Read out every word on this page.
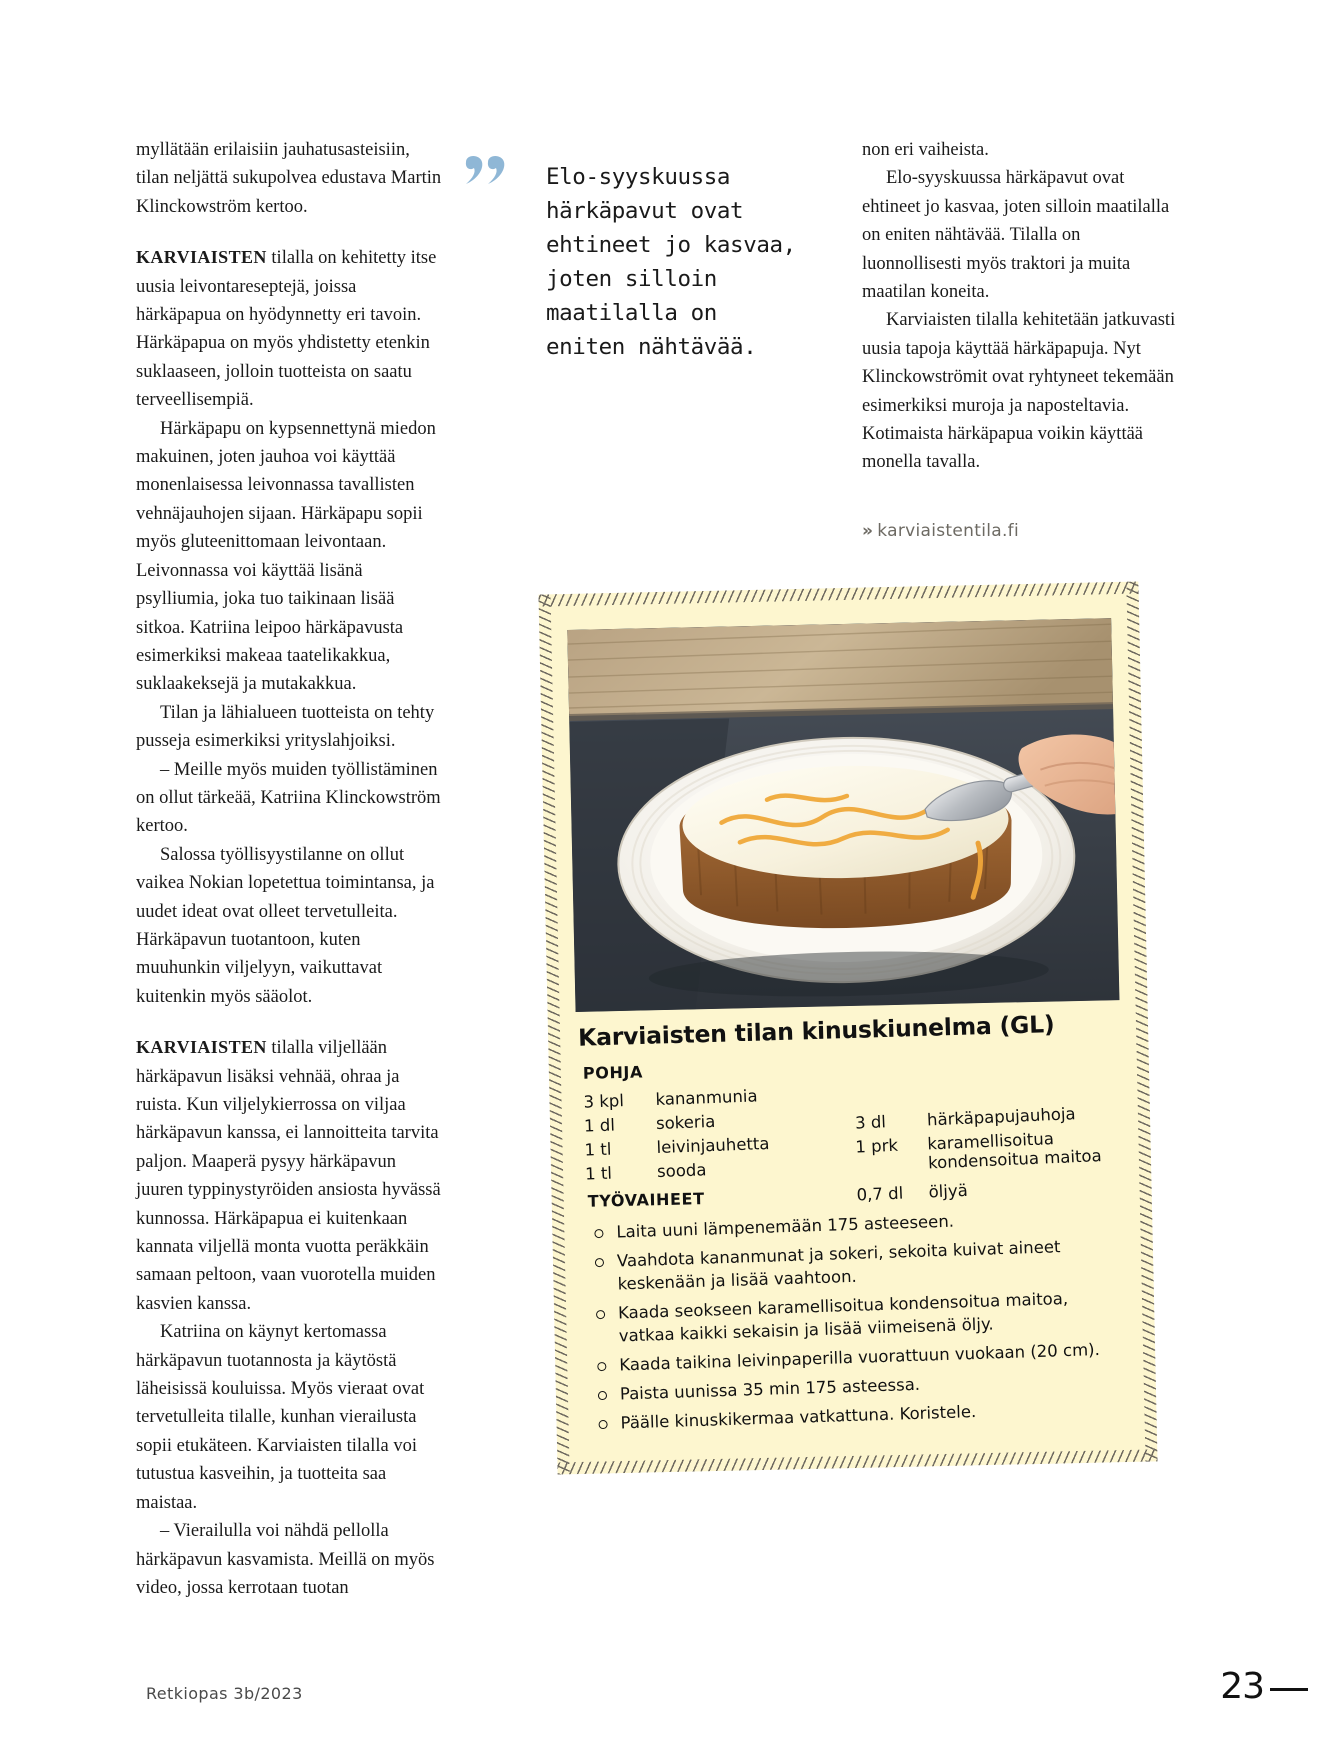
myllätään erilaisiin jauhatusasteisiin, tilan neljättä sukupolvea edustava Martin Klinckowström kertoo.

KARVIAISTEN tilalla on kehitetty itse uusia leivontareseptejä, joissa härkäpapua on hyödynnetty eri tavoin. Härkäpapua on myös yhdistetty etenkin suklaaseen, jolloin tuotteista on saatu terveellisempiä.

Härkäpapu on kypsennettynä miedon makuinen, joten jauhoa voi käyttää monenlaisessa leivonnassa tavallisten vehnäjauhojen sijaan. Härkäpapu sopii myös gluteenittomaan leivontaan. Leivonnassa voi käyttää lisänä psylliumia, joka tuo taikinaan lisää sitkoa. Katriina leipoo härkäpavusta esimerkiksi makeaa taatelikakkua, suklaakeksejä ja mutakakkua.

Tilan ja lähialueen tuotteista on tehty pusseja esimerkiksi yrityslahjoiksi.

– Meille myös muiden työllistäminen on ollut tärkeää, Katriina Klinckowström kertoo.

Salossa työllisyystilanne on ollut vaikea Nokian lopetettua toimintansa, ja uudet ideat ovat olleet tervetulleita. Härkäpavun tuotantoon, kuten muuhunkin viljelyyn, vaikuttavat kuitenkin myös sääolot.

KARVIAISTEN tilalla viljellään härkäpavun lisäksi vehnää, ohraa ja ruista. Kun viljelykierrossa on viljaa härkäpavun kanssa, ei lannoitteita tarvita paljon. Maaperä pysyy härkäpavun juuren typpinystyröiden ansiosta hyvässä kunnossa. Härkäpapua ei kuitenkaan kannata viljellä monta vuotta peräkkäin samaan peltoon, vaan vuorotella muiden kasvien kanssa.

Katriina on käynyt kertomassa härkäpavun tuotannosta ja käytöstä läheisissä kouluissa. Myös vieraat ovat tervetulleita tilalle, kunhan vierailusta sopii etukäteen. Karviaisten tilalla voi tutustua kasveihin, ja tuotteita saa maistaa.

– Vierailulla voi nähdä pellolla härkäpavun kasvamista. Meillä on myös video, jossa kerrotaan tuotan

Elo-syyskuussa härkäpavut ovat ehtineet jo kasvaa, joten silloin maatilalla on eniten nähtävää.

non eri vaiheista.

Elo-syyskuussa härkäpavut ovat ehtineet jo kasvaa, joten silloin maatilalla on eniten nähtävää. Tilalla on luonnollisesti myös traktori ja muita maatilan koneita.

Karviaisten tilalla kehitetään jatkuvasti uusia tapoja käyttää härkäpapuja. Nyt Klinckowströmit ovat ryhtyneet tekemään esimerkiksi muroja ja naposteltavia. Kotimaista härkäpapua voikin käyttää monella tavalla.

» karviaistentila.fi
Karviaisten tilan kinuskiunelma (GL)
POHJA
3 kpl	kananmunia
1 dl	sokeria
1 tl	leivinjauhetta
1 tl	sooda
3 dl	härkäpapujauhoja
1 prk	karamellisoitua kondensoitua maitoa
0,7 dl	öljyä
TYÖVAIHEET
Laita uuni lämpenemään 175 asteeseen.
Vaahdota kananmunat ja sokeri, sekoita kuivat aineet keskenään ja lisää vaahtoon.
Kaada seokseen karamellisoitua kondensoitua maitoa, vatkaa kaikki sekaisin ja lisää viimeisenä öljy.
Kaada taikina leivinpaperilla vuorattuun vuokaan (20 cm).
Paista uunissa 35 min 175 asteessa.
Päälle kinuskikermaa vatkattuna. Koristele.
Retkiopas 3b/2023	23
